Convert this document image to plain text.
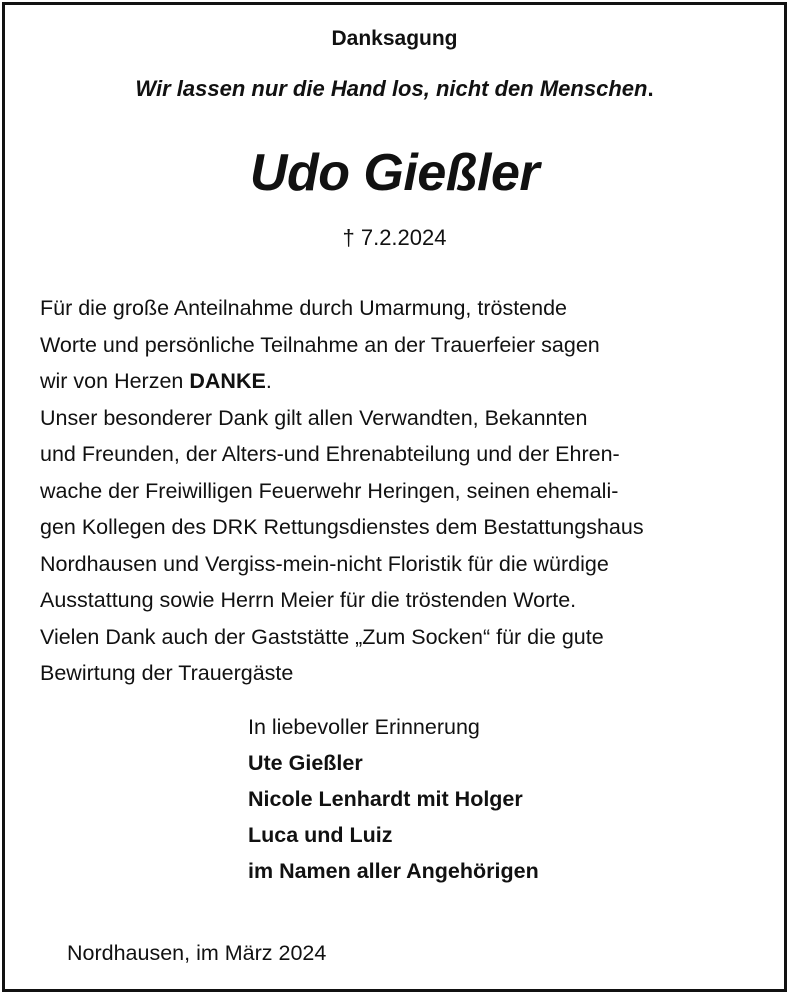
Danksagung
Wir lassen nur die Hand los, nicht den Menschen.
Udo Gießler
† 7.2.2024
Für die große Anteilnahme durch Umarmung, tröstende
Worte und persönliche Teilnahme an der Trauerfeier sagen
wir von Herzen DANKE.
Unser besonderer Dank gilt allen Verwandten, Bekannten
und Freunden, der Alters-und Ehrenabteilung und der Ehren-
wache der Freiwilligen Feuerwehr Heringen, seinen ehemali-
gen Kollegen des DRK Rettungsdienstes dem Bestattungshaus
Nordhausen und Vergiss-mein-nicht Floristik für die würdige
Ausstattung sowie Herrn Meier für die tröstenden Worte.
Vielen Dank auch der Gaststätte „Zum Socken“ für die gute
Bewirtung der Trauergäste
In liebevoller Erinnerung
Ute Gießler
Nicole Lenhardt mit Holger
Luca und Luiz
im Namen aller Angehörigen
Nordhausen, im März 2024
